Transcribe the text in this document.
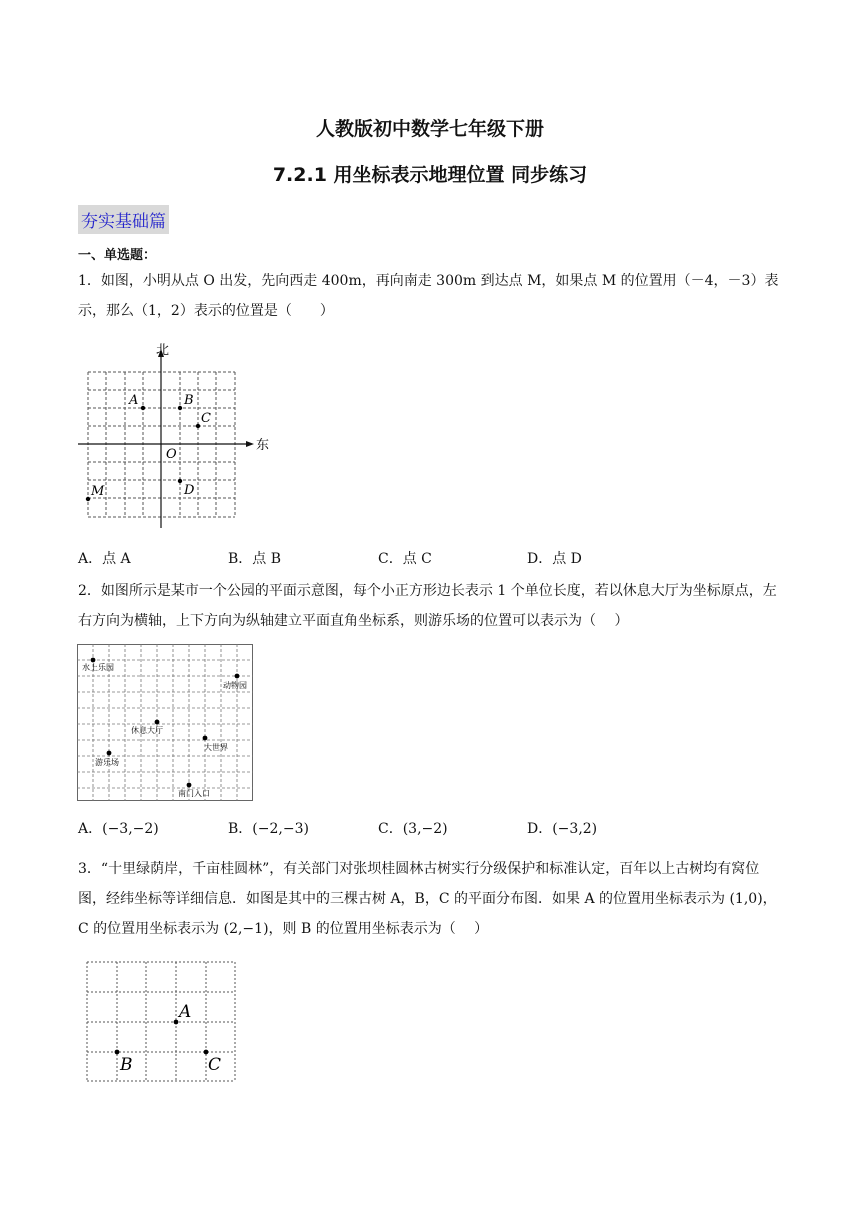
人教版初中数学七年级下册
7.2.1 用坐标表示地理位置 同步练习
夯实基础篇
一、单选题：
1．如图，小明从点 O 出发，先向西走 400m，再向南走 300m 到达点 M，如果点 M 的位置用（－4，－3）表示，那么（1，2）表示的位置是（　　）
北
东
O
A	B
C
D
M
A．点 A	B．点 B	C．点 C	D．点 D
2．如图所示是某市一个公园的平面示意图，每个小正方形边长表示 1 个单位长度，若以休息大厅为坐标原点，左右方向为横轴，上下方向为纵轴建立平面直角坐标系，则游乐场的位置可以表示为（　 ）
水上乐园
动物园
休息大厅
大世界
游乐场
南门入口
A．(−3,−2)	B．(−2,−3)	C．(3,−2)	D．(−3,2)
3．“十里绿荫岸，千亩桂圆林”，有关部门对张坝桂圆林古树实行分级保护和标准认定，百年以上古树均有窝位图，经纬坐标等详细信息．如图是其中的三棵古树 A，B，C 的平面分布图．如果 A 的位置用坐标表示为 (1,0)，C 的位置用坐标表示为 (2,−1)，则 B 的位置用坐标表示为（　 ）
A
B	C
